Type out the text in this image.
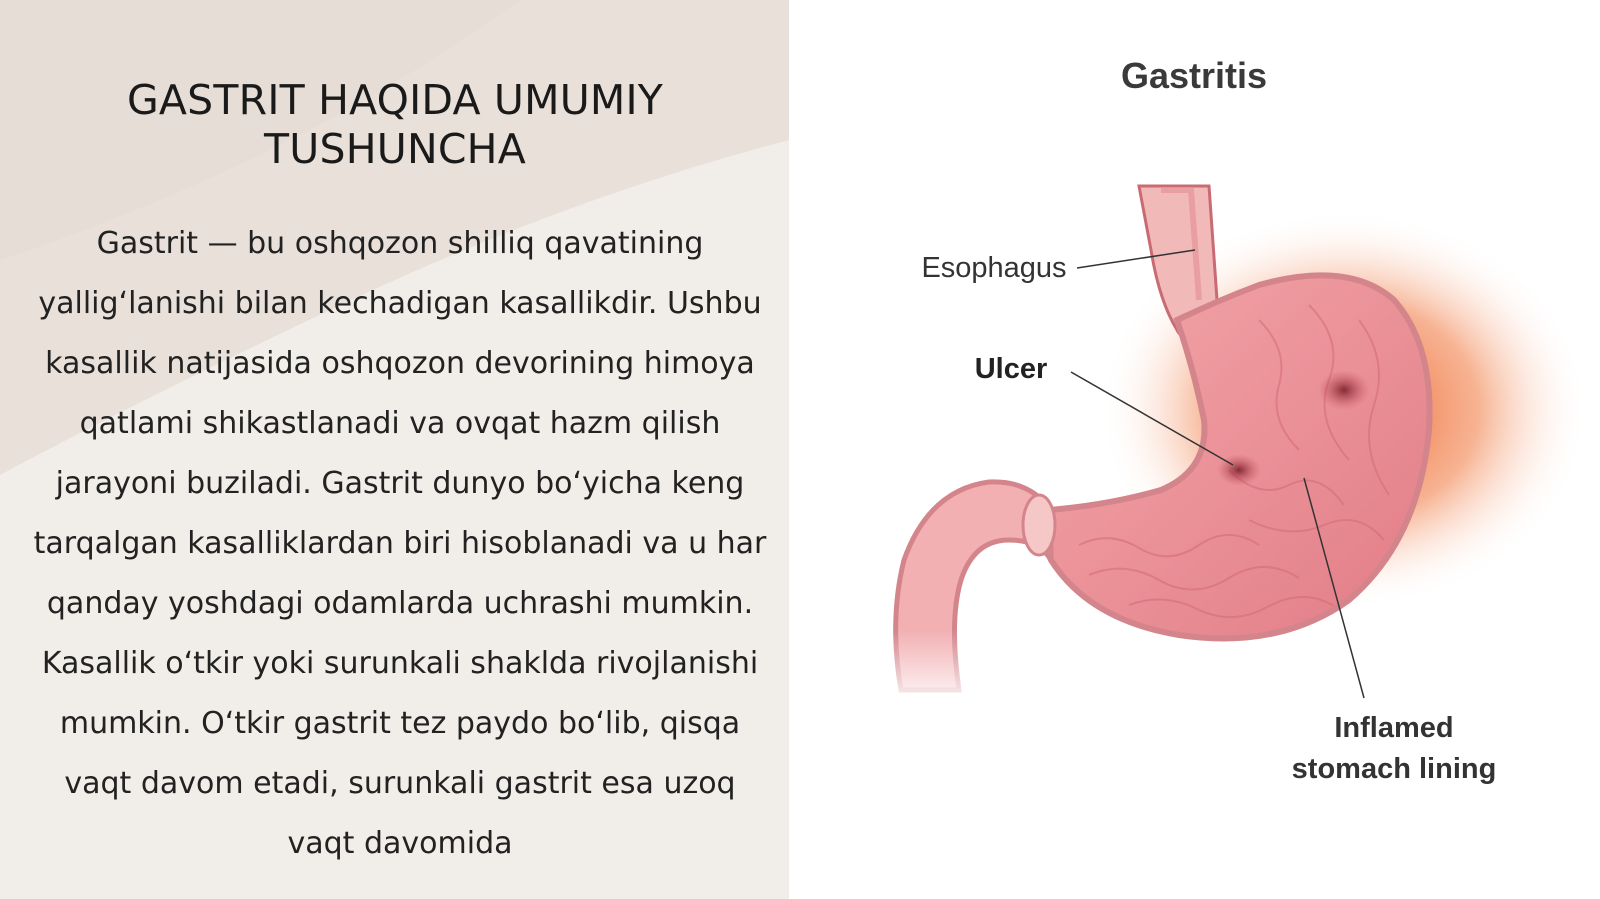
GASTRIT HAQIDA UMUMIY TUSHUNCHA

Gastrit — bu oshqozon shilliq qavatining yallig‘lanishi bilan kechadigan kasallikdir. Ushbu kasallik natijasida oshqozon devorining himoya qatlami shikastlanadi va ovqat hazm qilish jarayoni buziladi. Gastrit dunyo bo‘yicha keng tarqalgan kasalliklardan biri hisoblanadi va u har qanday yoshdagi odamlarda uchrashi mumkin. Kasallik o‘tkir yoki surunkali shaklda rivojlanishi mumkin. O‘tkir gastrit tez paydo bo‘lib, qisqa vaqt davom etadi, surunkali gastrit esa uzoq vaqt davomida

Gastritis
Esophagus
Ulcer
Inflamed
stomach lining
